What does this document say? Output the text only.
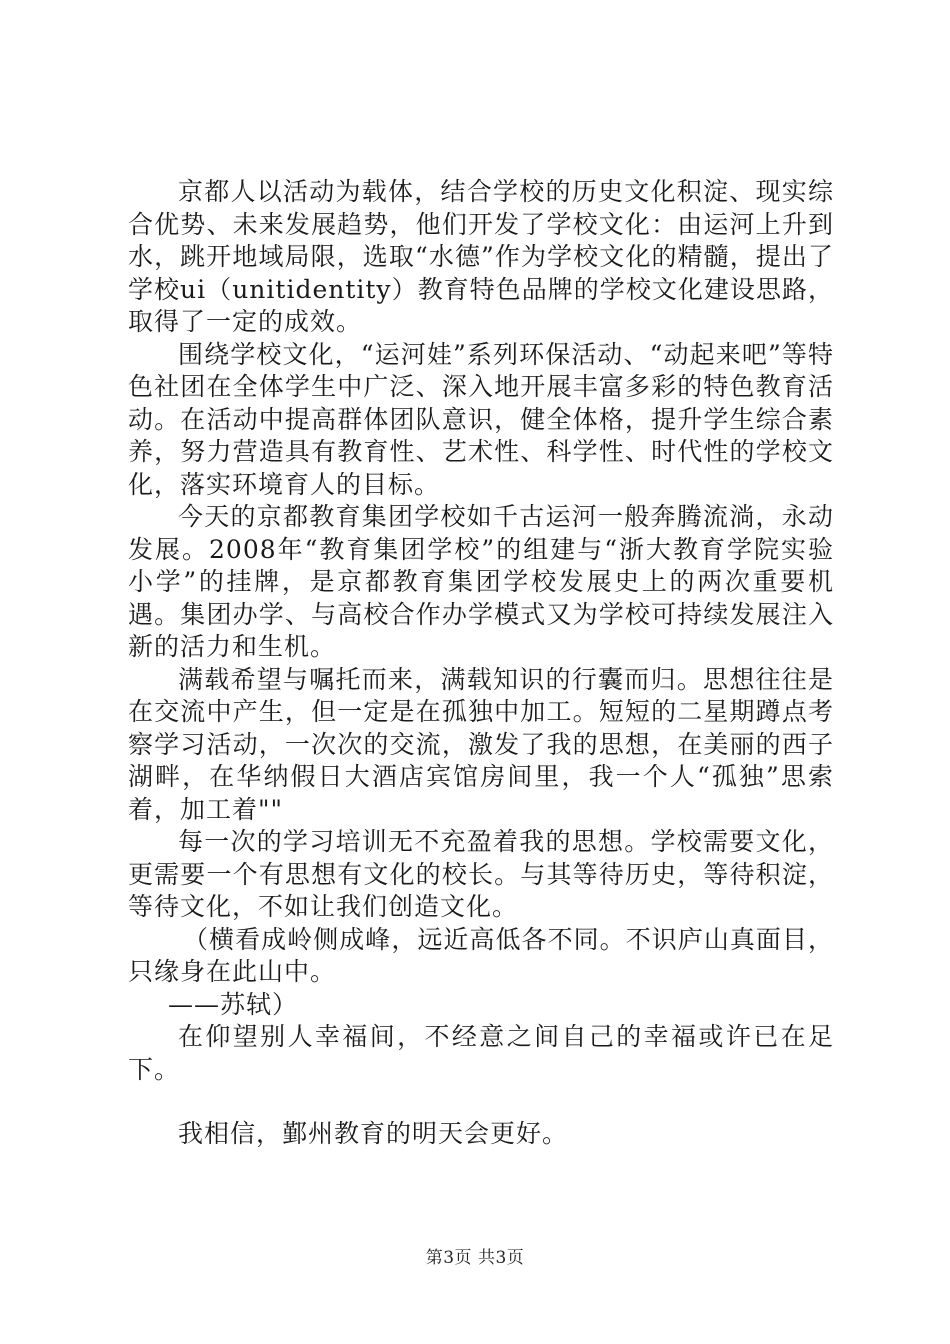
京都人以活动为载体，结合学校的历史文化积淀、现实综合优势、未来发展趋势，他们开发了学校文化：由运河上升到水，跳开地域局限，选取“水德”作为学校文化的精髓，提出了学校ui（unitidentity）教育特色品牌的学校文化建设思路，取得了一定的成效。

围绕学校文化，“运河娃”系列环保活动、“动起来吧”等特色社团在全体学生中广泛、深入地开展丰富多彩的特色教育活动。在活动中提高群体团队意识，健全体格，提升学生综合素养，努力营造具有教育性、艺术性、科学性、时代性的学校文化，落实环境育人的目标。

今天的京都教育集团学校如千古运河一般奔腾流淌，永动发展。2008年“教育集团学校”的组建与“浙大教育学院实验小学”的挂牌，是京都教育集团学校发展史上的两次重要机遇。集团办学、与高校合作办学模式又为学校可持续发展注入新的活力和生机。

满载希望与嘱托而来，满载知识的行囊而归。思想往往是在交流中产生，但一定是在孤独中加工。短短的二星期蹲点考察学习活动，一次次的交流，激发了我的思想，在美丽的西子湖畔，在华纳假日大酒店宾馆房间里，我一个人“孤独”思索着，加工着""

每一次的学习培训无不充盈着我的思想。学校需要文化，更需要一个有思想有文化的校长。与其等待历史，等待积淀，等待文化，不如让我们创造文化。

（横看成岭侧成峰，远近高低各不同。不识庐山真面目，只缘身在此山中。

——苏轼）

在仰望别人幸福间，不经意之间自己的幸福或许已在足下。

我相信，鄞州教育的明天会更好。

第3页 共3页
